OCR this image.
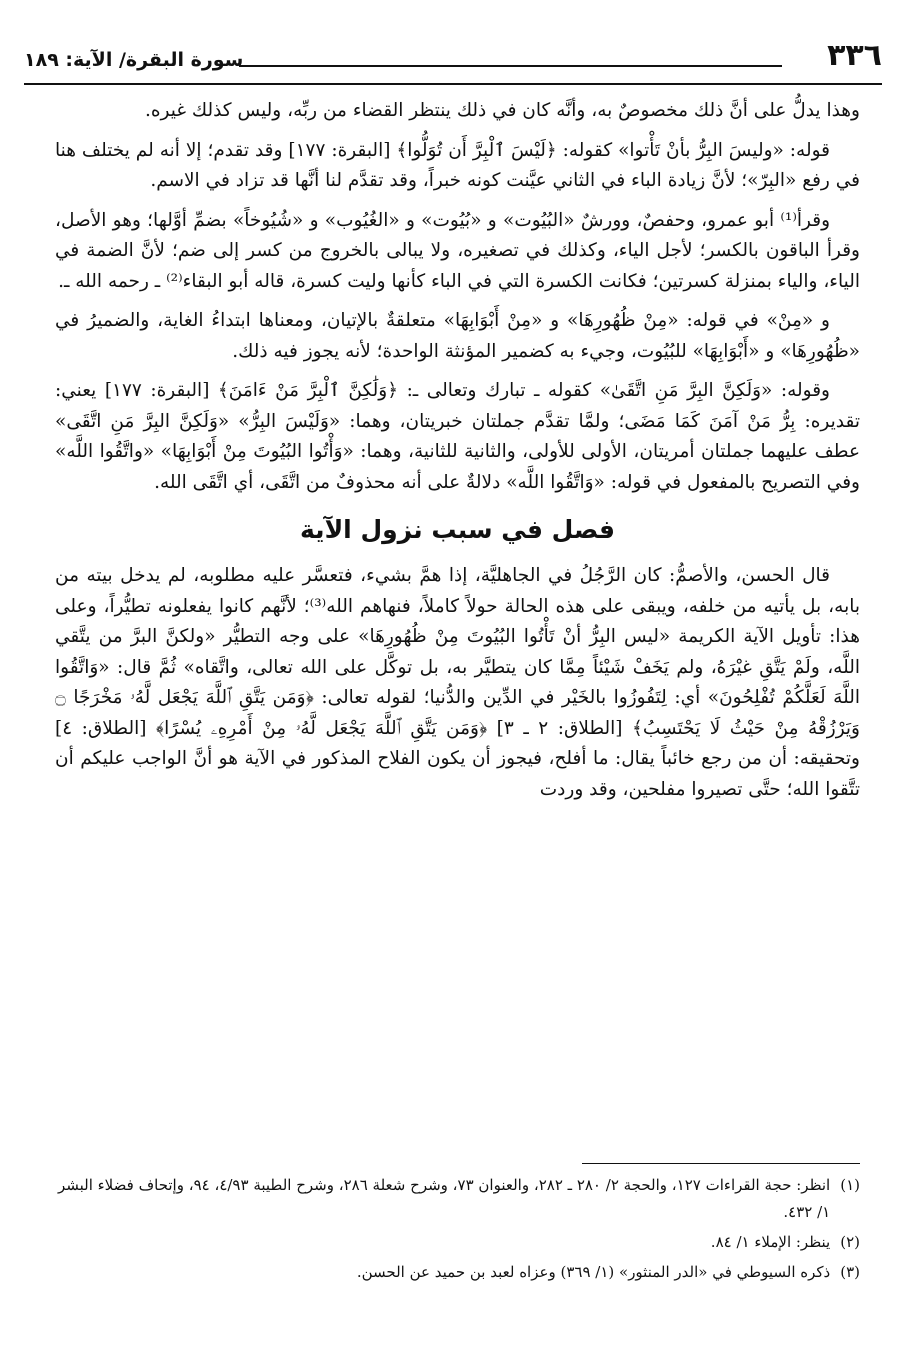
٣٣٦
سورة البقرة/ الآية: ١٨٩

وهذا يدلُّ على أنَّ ذلك مخصوصٌ به، وأنَّه كان في ذلك ينتظر القضاء من ربِّه، وليس كذلك غيره.

قوله: «وليسَ البِرُّ بأنْ تَأْتوا» كقوله: ﴿لَيْسَ ٱلْبِرَّ أَن تُوَلُّوا﴾ [البقرة: ١٧٧] وقد تقدم؛ إلا أنه لم يختلف هنا في رفع «البِرّ»؛ لأنَّ زيادة الباء في الثاني عيَّنت كونه خبراً، وقد تقدَّم لنا أنَّها قد تزاد في الاسم.

وقرأ⁽¹⁾ أبو عمرو، وحفصٌ، وورشٌ «البُيُوت» و «بُيُوت» و «الغُيُوب» و «شُيُوخاً» بضمِّ أوَّلها؛ وهو الأصل، وقرأ الباقون بالكسر؛ لأجل الياء، وكذلك في تصغيره، ولا يبالى بالخروج من كسر إلى ضم؛ لأنَّ الضمة في الياء، والياء بمنزلة كسرتين؛ فكانت الكسرة التي في الباء كأنها وليت كسرة، قاله أبو البقاء⁽²⁾ ـ رحمه الله ـ.

و «مِنْ» في قوله: «مِنْ ظُهُورِهَا» و «مِنْ أَبْوَابِهَا» متعلقةٌ بالإتيان، ومعناها ابتداءُ الغاية، والضميرُ في «ظُهُورِهَا» و «أَبْوَابِهَا» للبُيُوت، وجيء به كضمير المؤنثة الواحدة؛ لأنه يجوز فيه ذلك.

وقوله: «وَلَكِنَّ البِرَّ مَنِ اتَّقَىٰ» كقوله ـ تبارك وتعالى ـ: ﴿وَلَٰكِنَّ ٱلْبِرَّ مَنْ ءَامَنَ﴾ [البقرة: ١٧٧] يعني: تقديره: بِرُّ مَنْ آمَنَ كَمَا مَضَى؛ ولمَّا تقدَّم جملتان خبريتان، وهما: «وَلَيْسَ البِرُّ» «وَلَكِنَّ البِرَّ مَنِ اتَّقَى» عطف عليهما جملتان أمريتان، الأولى للأولى، والثانية للثانية، وهما: «وَأْتُوا البُيُوتَ مِنْ أَبْوَابِهَا» «واتَّقُوا اللَّه» وفي التصريح بالمفعول في قوله: «وَاتَّقُوا اللَّه» دلالةٌ على أنه محذوفٌ من اتَّقَى، أي اتَّقَى الله.

فصل في سبب نزول الآية

قال الحسن، والأصمُّ: كان الرَّجُلُ في الجاهليَّة، إذا همَّ بشيء، فتعسَّر عليه مطلوبه، لم يدخل بيته من بابه، بل يأتيه من خلفه، ويبقى على هذه الحالة حولاً كاملاً، فنهاهم الله⁽³⁾؛ لأنَّهم كانوا يفعلونه تطيُّراً، وعلى هذا: تأويل الآية الكريمة «ليس البِرُّ أنْ تَأْتُوا البُيُوتَ مِنْ ظُهُورِهَا» على وجه التطيُّر «ولكنَّ البرَّ من يتَّقي اللَّه، ولَمْ يَتَّقِ غيْرَهُ، ولم يَخَفْ شَيْئاً مِمَّا كان يتطيَّر به، بل توكَّل على الله تعالى، واتَّقاه» ثُمَّ قال: «وَاتَّقُوا اللَّهَ لَعَلَّكُمْ تُفْلِحُونَ» أي: لِتَفُوزُوا بالخَيْر في الدِّين والدُّنيا؛ لقوله تعالى: ﴿وَمَن يَتَّقِ ٱللَّهَ يَجْعَل لَّهُۥ مَخْرَجًا ۝ وَيَرْزُقْهُ مِنْ حَيْثُ لَا يَحْتَسِبُ﴾ [الطلاق: ٢ ـ ٣] ﴿وَمَن يَتَّقِ ٱللَّهَ يَجْعَل لَّهُۥ مِنْ أَمْرِهِۦ يُسْرًا﴾ [الطلاق: ٤] وتحقيقه: أن من رجع خائباً يقال: ما أفلح، فيجوز أن يكون الفلاح المذكور في الآية هو أنَّ الواجب عليكم أن تتَّقوا الله؛ حتَّى تصيروا مفلحين، وقد وردت

(١)
انظر: حجة القراءات ١٢٧، والحجة ٢/ ٢٨٠ ـ ٢٨٢، والعنوان ٧٣، وشرح شعلة ٢٨٦، وشرح الطيبة ٤/٩٣، ٩٤، وإتحاف فضلاء البشر ١/ ٤٣٢.
(٢)
ينظر: الإملاء ١/ ٨٤.
(٣)
ذكره السيوطي في «الدر المنثور» (١/ ٣٦٩) وعزاه لعبد بن حميد عن الحسن.
